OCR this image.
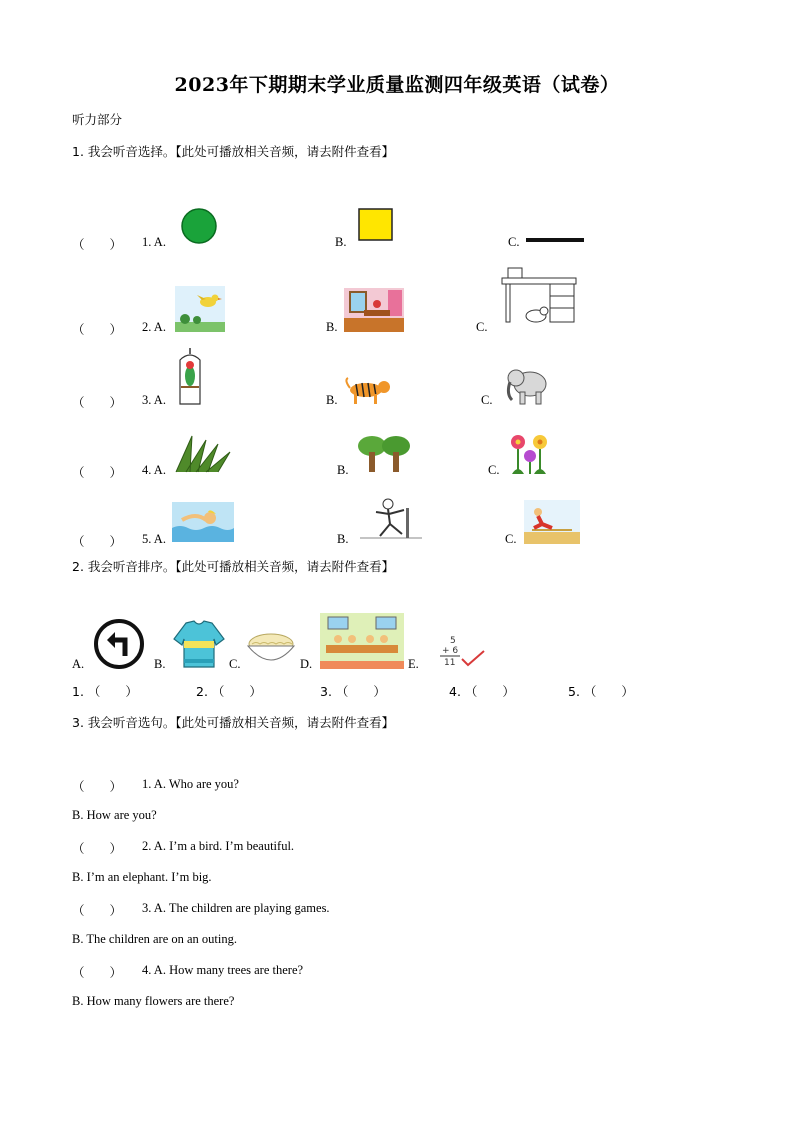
2023年下期期末学业质量监测四年级英语（试卷）
听力部分
1. 我会听音选择。【此处可播放相关音频，请去附件查看】
（　　） 1. A.	B.	C.
（　　） 2. A.	B.	C.
（　　） 3. A.	B.	C.
（　　） 4. A.	B.	C.
（　　） 5. A.	B.	C.
2. 我会听音排序。【此处可播放相关音频，请去附件查看】
A.	B.	C.	D.	E.
5
+ 6
11
1. （　　）	2. （　　）	3. （　　）	4. （　　）	5. （　　）
3. 我会听音选句。【此处可播放相关音频，请去附件查看】
（　　） 1. A. Who are you?
B. How are you?
（　　） 2. A. I’m a bird. I’m beautiful.
B. I’m an elephant. I’m big.
（　　） 3. A. The children are playing games.
B. The children are on an outing.
（　　） 4. A. How many trees are there?
B. How many flowers are there?
